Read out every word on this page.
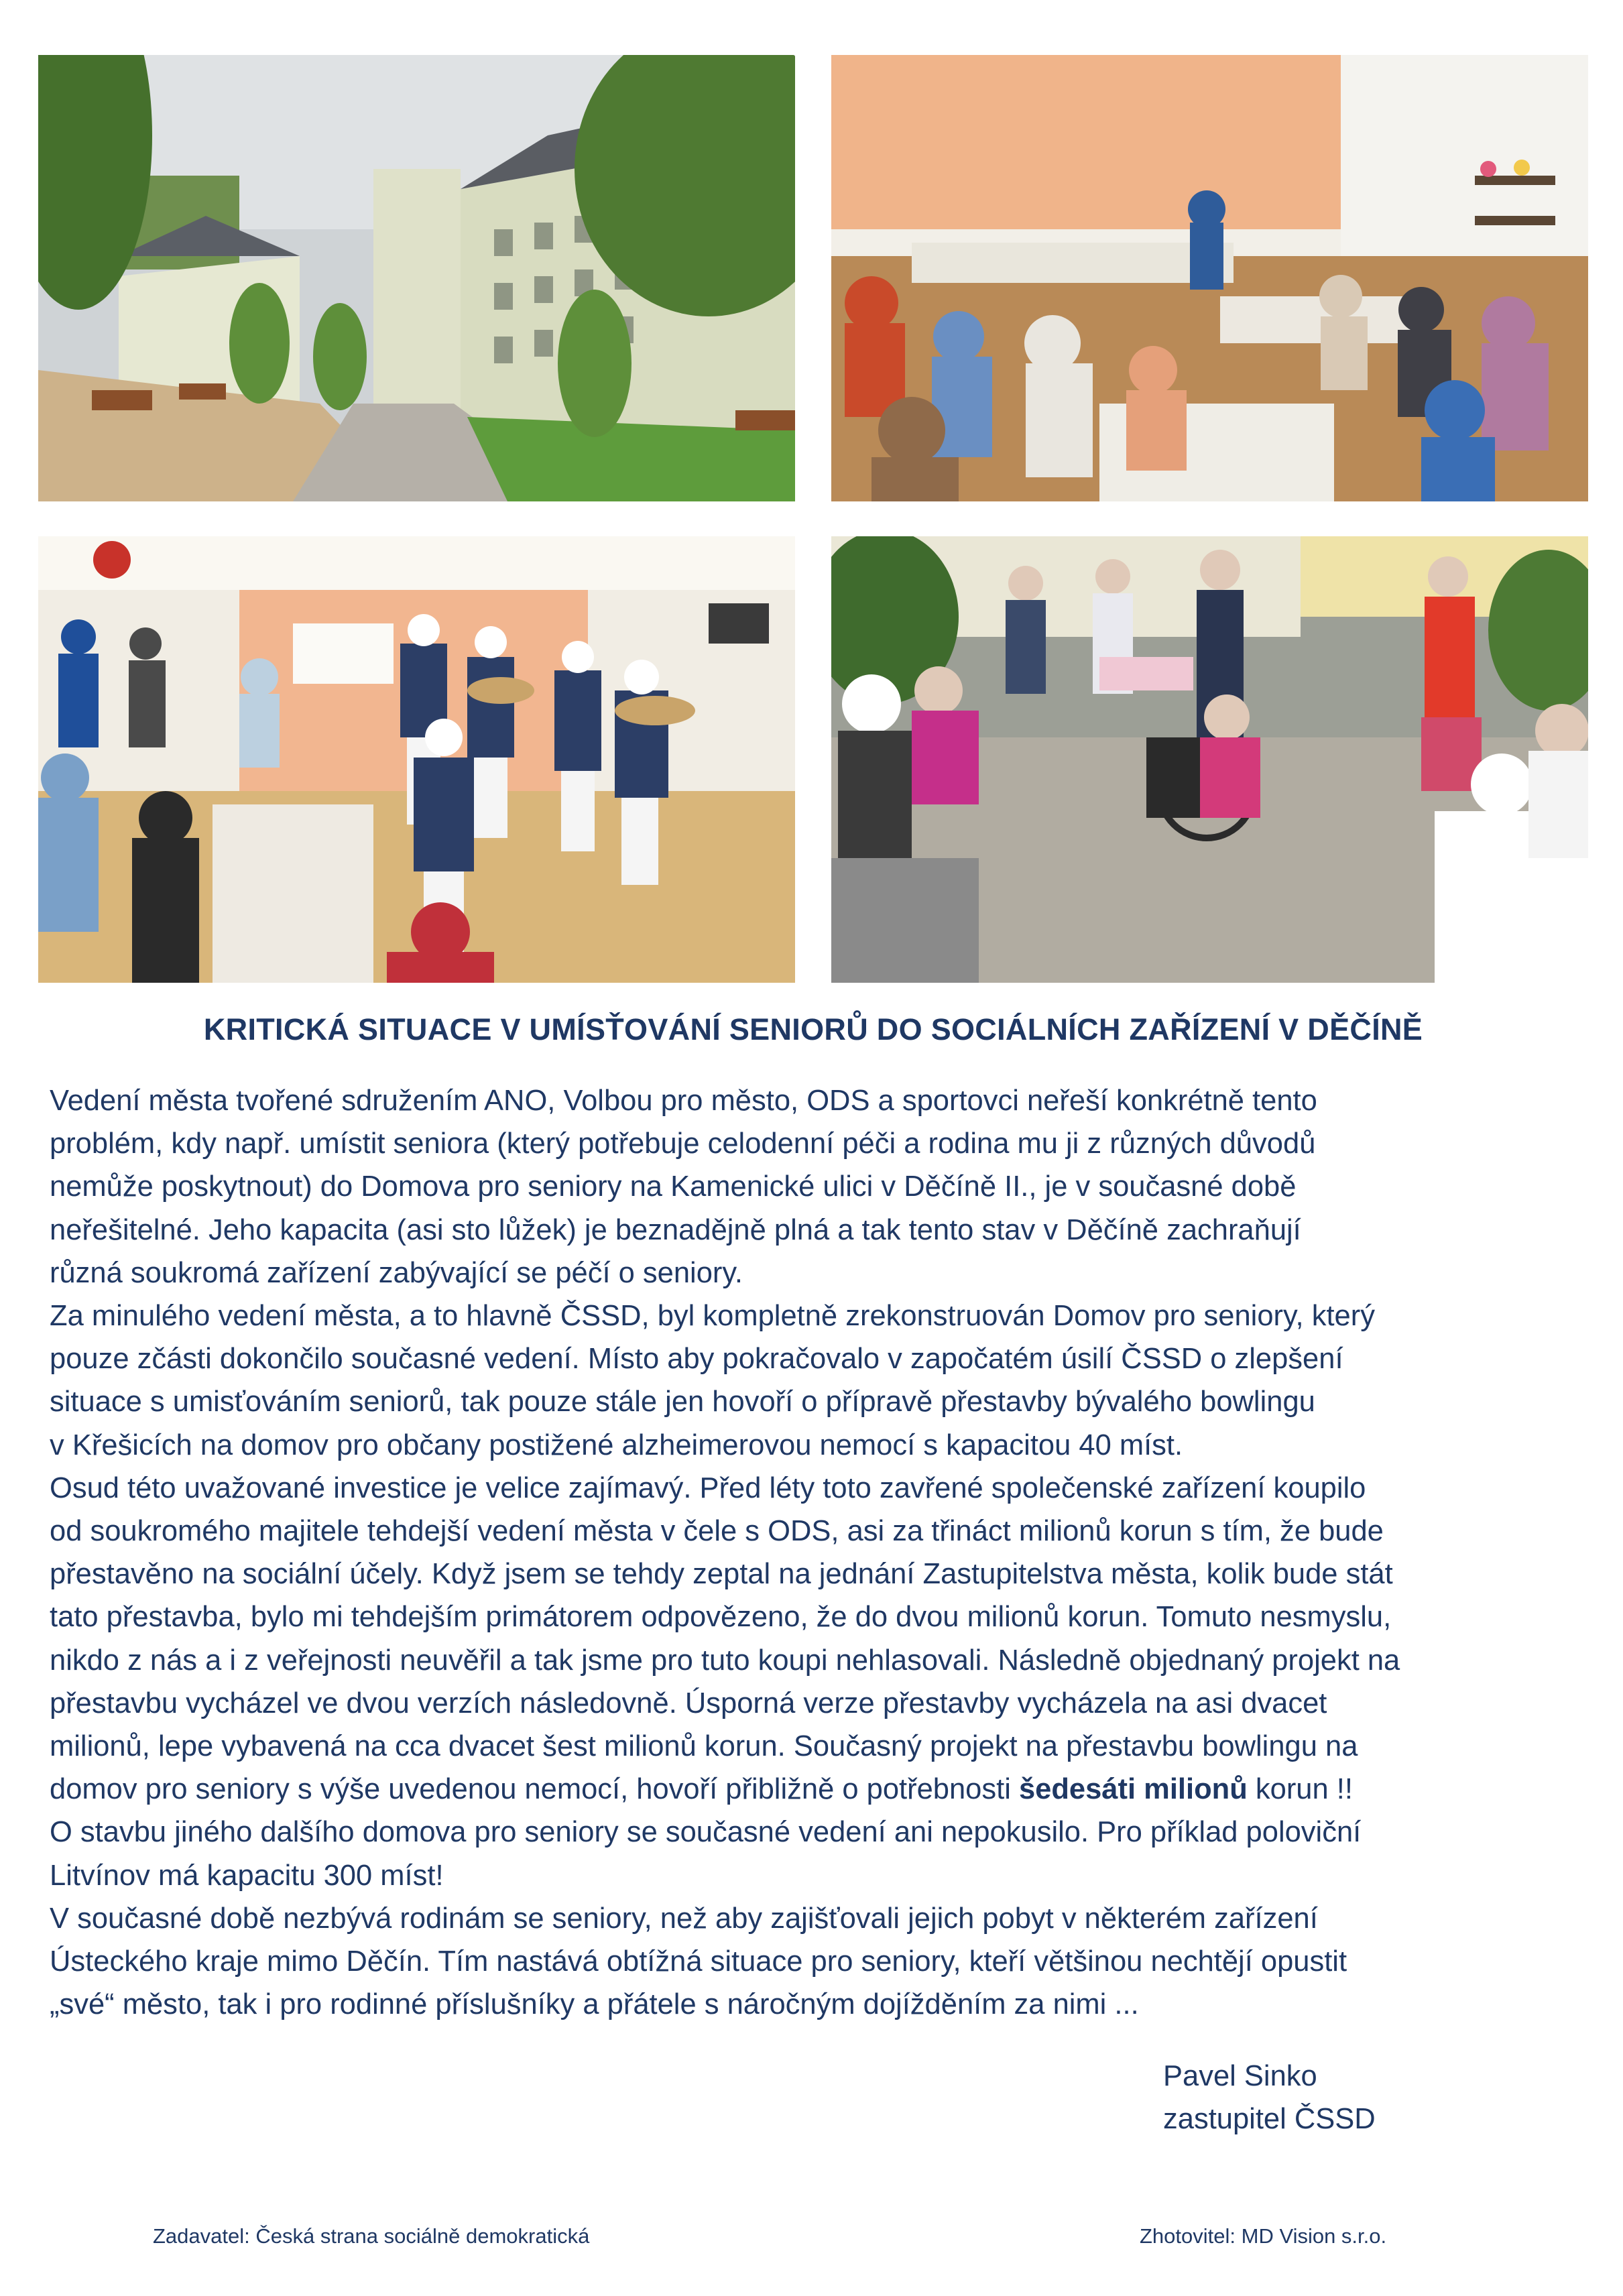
KRITICKÁ SITUACE V UMÍSŤOVÁNÍ SENIORŮ DO SOCIÁLNÍCH ZAŘÍZENÍ V DĚČÍNĚ
Vedení města tvořené sdružením ANO, Volbou pro město, ODS a sportovci neřeší konkrétně tento
problém, kdy např. umístit seniora (který potřebuje celodenní péči a rodina mu ji z různých důvodů
nemůže poskytnout) do Domova pro seniory na Kamenické ulici v Děčíně II., je v současné době
neřešitelné. Jeho kapacita (asi sto lůžek) je beznadějně plná a tak tento stav v Děčíně zachraňují
různá soukromá zařízení zabývající se péčí o seniory.
Za minulého vedení města, a to hlavně ČSSD, byl kompletně zrekonstruován Domov pro seniory, který
pouze zčásti dokončilo současné vedení. Místo aby pokračovalo v započatém úsilí ČSSD o zlepšení
situace s umisťováním seniorů, tak pouze stále jen hovoří o přípravě přestavby bývalého bowlingu
v Křešicích na domov pro občany postižené alzheimerovou nemocí s kapacitou 40 míst.
Osud této uvažované investice je velice zajímavý. Před léty toto zavřené společenské zařízení koupilo
od soukromého majitele tehdejší vedení města v čele s ODS, asi za třináct milionů korun s tím, že bude
přestavěno na sociální účely. Když jsem se tehdy zeptal na jednání Zastupitelstva města, kolik bude stát
tato přestavba, bylo mi tehdejším primátorem odpovězeno, že do dvou milionů korun. Tomuto nesmyslu,
nikdo z nás a i z veřejnosti neuvěřil a tak jsme pro tuto koupi nehlasovali. Následně objednaný projekt na
přestavbu vycházel ve dvou verzích následovně. Úsporná verze přestavby vycházela na asi dvacet
milionů, lepe vybavená na cca dvacet šest milionů korun. Současný projekt na přestavbu bowlingu na
domov pro seniory s výše uvedenou nemocí, hovoří přibližně o potřebnosti šedesáti milionů korun !!
O stavbu jiného dalšího domova pro seniory se současné vedení ani nepokusilo. Pro příklad poloviční
Litvínov má kapacitu 300 míst!
V současné době nezbývá rodinám se seniory, než aby zajišťovali jejich pobyt v některém zařízení
Ústeckého kraje mimo Děčín. Tím nastává obtížná situace pro seniory, kteří většinou nechtějí opustit
„své“ město, tak i pro rodinné příslušníky a přátele s náročným dojížděním za nimi ...
Pavel Sinko
zastupitel ČSSD
Zadavatel: Česká strana sociálně demokratická	Zhotovitel: MD Vision s.r.o.
